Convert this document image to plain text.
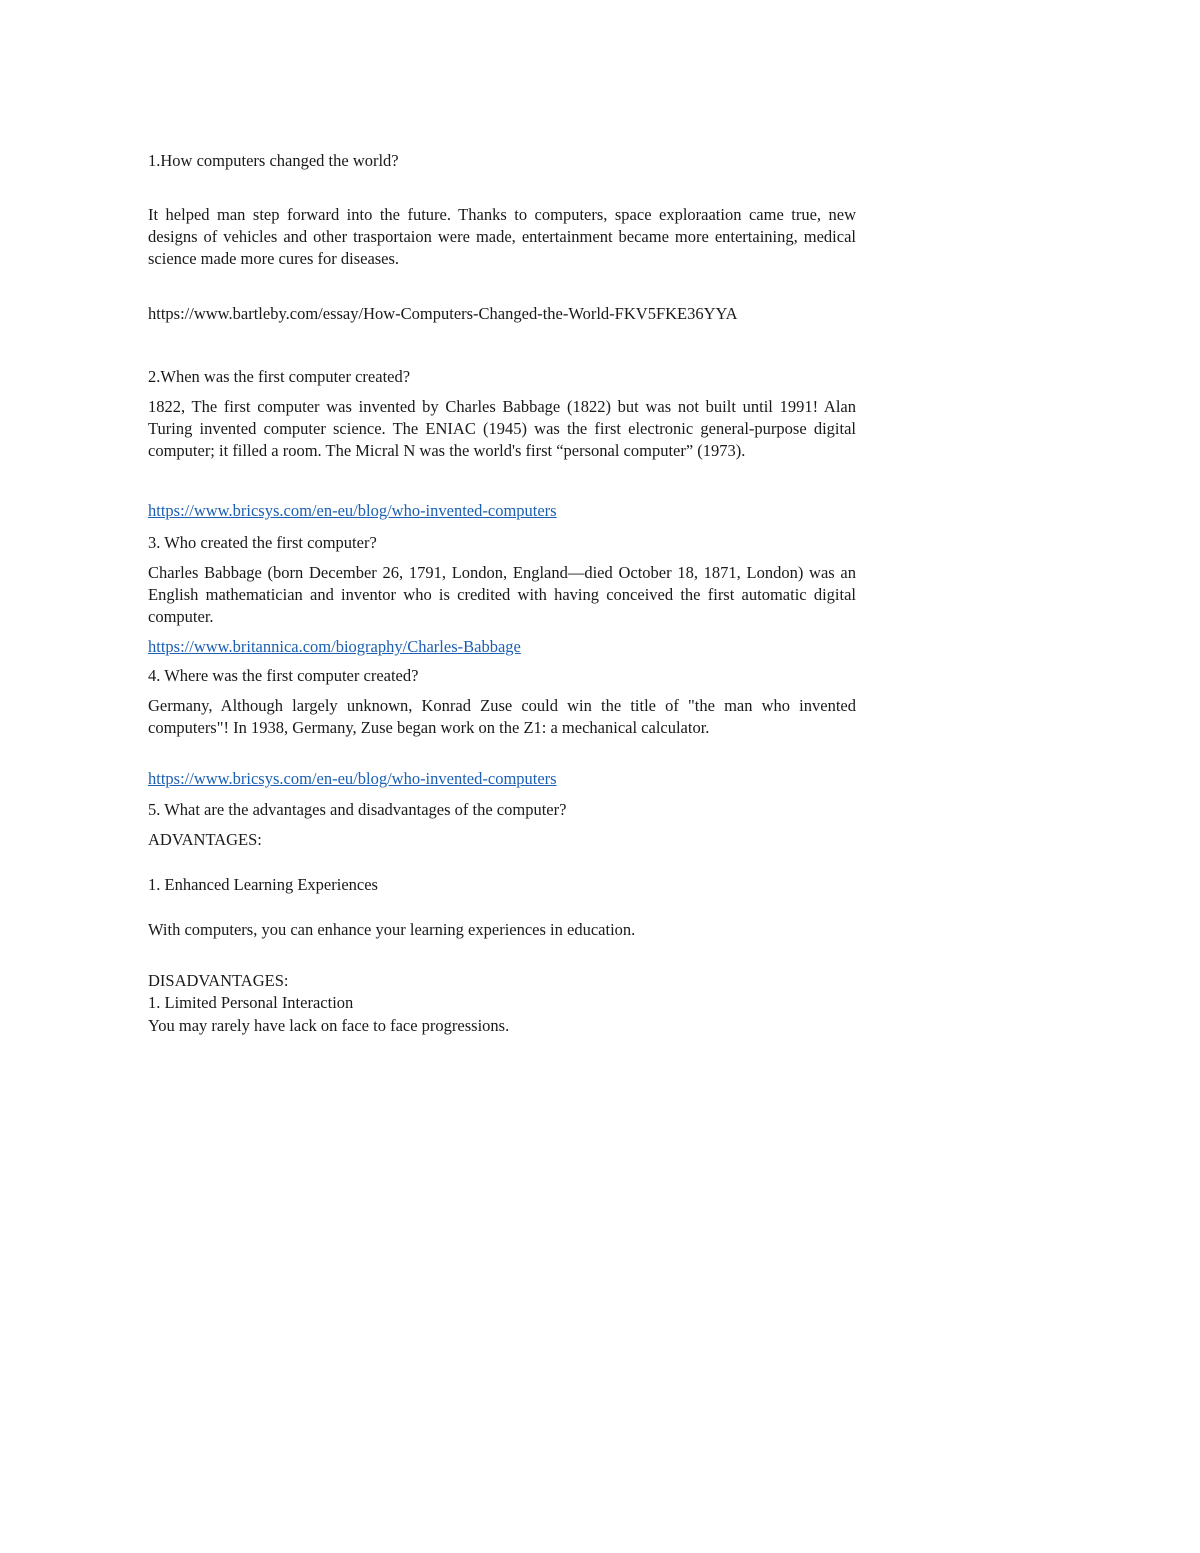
1.How computers changed the world?
It helped man step forward into the future. Thanks to computers, space exploraation came true, new designs of vehicles and other trasportaion were made, entertainment became more entertaining, medical science made more cures for diseases.
https://www.bartleby.com/essay/How-Computers-Changed-the-World-FKV5FKE36YYA
2.When was the first computer created?
1822, The first computer was invented by Charles Babbage (1822) but was not built until 1991! Alan Turing invented computer science. The ENIAC (1945) was the first electronic general-purpose digital computer; it filled a room. The Micral N was the world's first “personal computer” (1973).
https://www.bricsys.com/en-eu/blog/who-invented-computers
3. Who created the first computer?
Charles Babbage (born December 26, 1791, London, England—died October 18, 1871, London) was an English mathematician and inventor who is credited with having conceived the first automatic digital computer.
https://www.britannica.com/biography/Charles-Babbage
4. Where was the first computer created?
Germany, Although largely unknown, Konrad Zuse could win the title of "the man who invented computers"! In 1938, Germany, Zuse began work on the Z1: a mechanical calculator.
https://www.bricsys.com/en-eu/blog/who-invented-computers
5. What are the advantages and disadvantages of the computer?
ADVANTAGES:
1. Enhanced Learning Experiences
With computers, you can enhance your learning experiences in education.
DISADVANTAGES:
1. Limited Personal Interaction
You may rarely have lack on face to face progressions.
